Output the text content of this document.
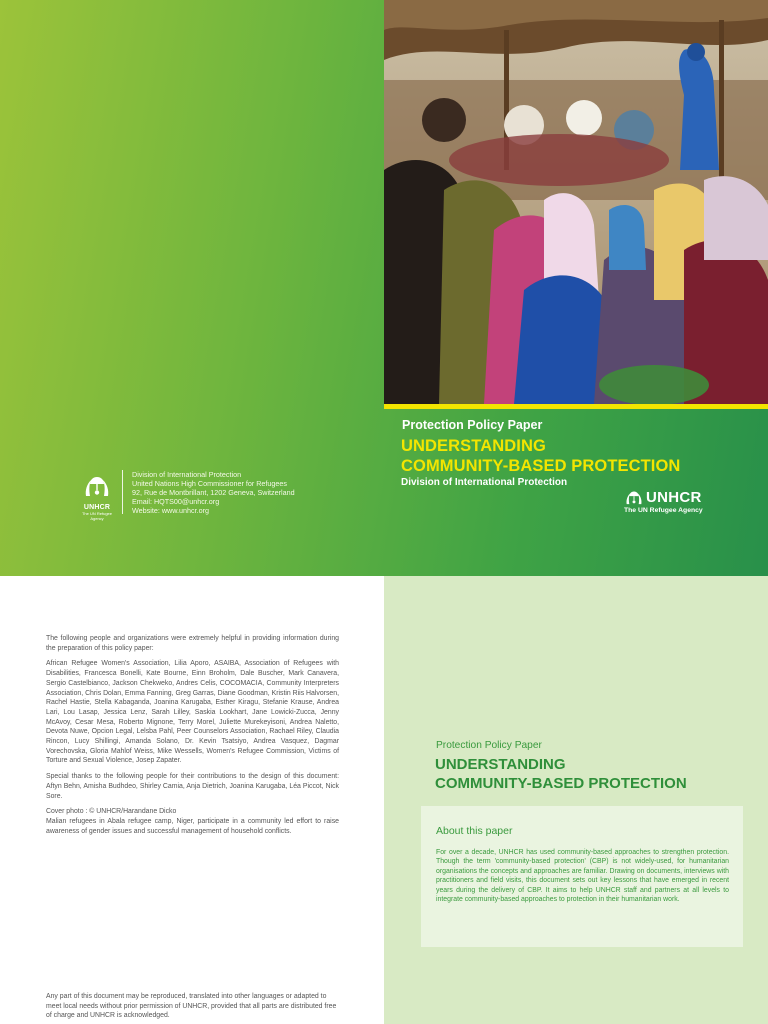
UNHCR
The UN Refugee Agency
Division of International Protection
United Nations High Commissioner for Refugees
92, Rue de Montbrillant, 1202 Geneva, Switzerland
Email: HQTS00@unhcr.org
Website: www.unhcr.org
Protection Policy Paper
UNDERSTANDING
COMMUNITY-BASED PROTECTION
Division of International Protection
UNHCR
The UN Refugee Agency

The following people and organizations were extremely helpful in providing information during the preparation of this policy paper:

African Refugee Women's Association, Lilia Aporo, ASAIBA, Association of Refugees with Disabilities, Francesca Bonelli, Kate Bourne, Einn Broholm, Dale Buscher, Mark Canavera, Sergio Castelbianco, Jackson Chekweko, Andres Celis, COCOMACIA, Community Interpreters Association, Chris Dolan, Emma Fanning, Greg Garras, Diane Goodman, Kristin Riis Halvorsen, Rachel Hastie, Stella Kabaganda, Joanina Karugaba, Esther Kiragu, Stefanie Krause, Andrea Lari, Lou Lasap, Jessica Lenz, Sarah Lilley, Saskia Lookhart, Jane Lowicki-Zucca, Jenny McAvoy, Cesar Mesa, Roberto Mignone, Terry Morel, Juliette Murekeyisoni, Andrea Naletto, Devota Nuwe, Opcion Legal, Lelsba Pahl, Peer Counselors Association, Rachael Riley, Claudia Rincon, Lucy Shillingi, Amanda Solano, Dr. Kevin Tsatsiyo, Andrea Vasquez, Dagmar Vorechovska, Gloria Mahlof Weiss, Mike Wessells, Women's Refugee Commission, Victims of Torture and Sexual Violence, Josep Zapater.

Special thanks to the following people for their contributions to the design of this document: Aftyn Behn, Amisha Budhdeo, Shirley Camia, Anja Dietrich, Joanina Karugaba, Léa Piccot, Nick Sore.

Cover photo : © UNHCR/Harandane Dicko
Malian refugees in Abala refugee camp, Niger, participate in a community led effort to raise awareness of gender issues and successful management of household conflicts.

Any part of this document may be reproduced, translated into other languages or adapted to meet local needs without prior permission of UNHCR, provided that all parts are distributed free of charge and UNHCR is acknowledged.
Protection Policy Paper
UNDERSTANDING
COMMUNITY-BASED PROTECTION
About this paper
For over a decade, UNHCR has used community-based approaches to strengthen protection. Though the term 'community-based protection' (CBP) is not widely-used, for humanitarian organisations the concepts and approaches are familiar. Drawing on documents, interviews with practitioners and field visits, this document sets out key lessons that have emerged in recent years during the delivery of CBP. It aims to help UNHCR staff and partners at all levels to integrate community-based approaches to protection in their humanitarian work.
